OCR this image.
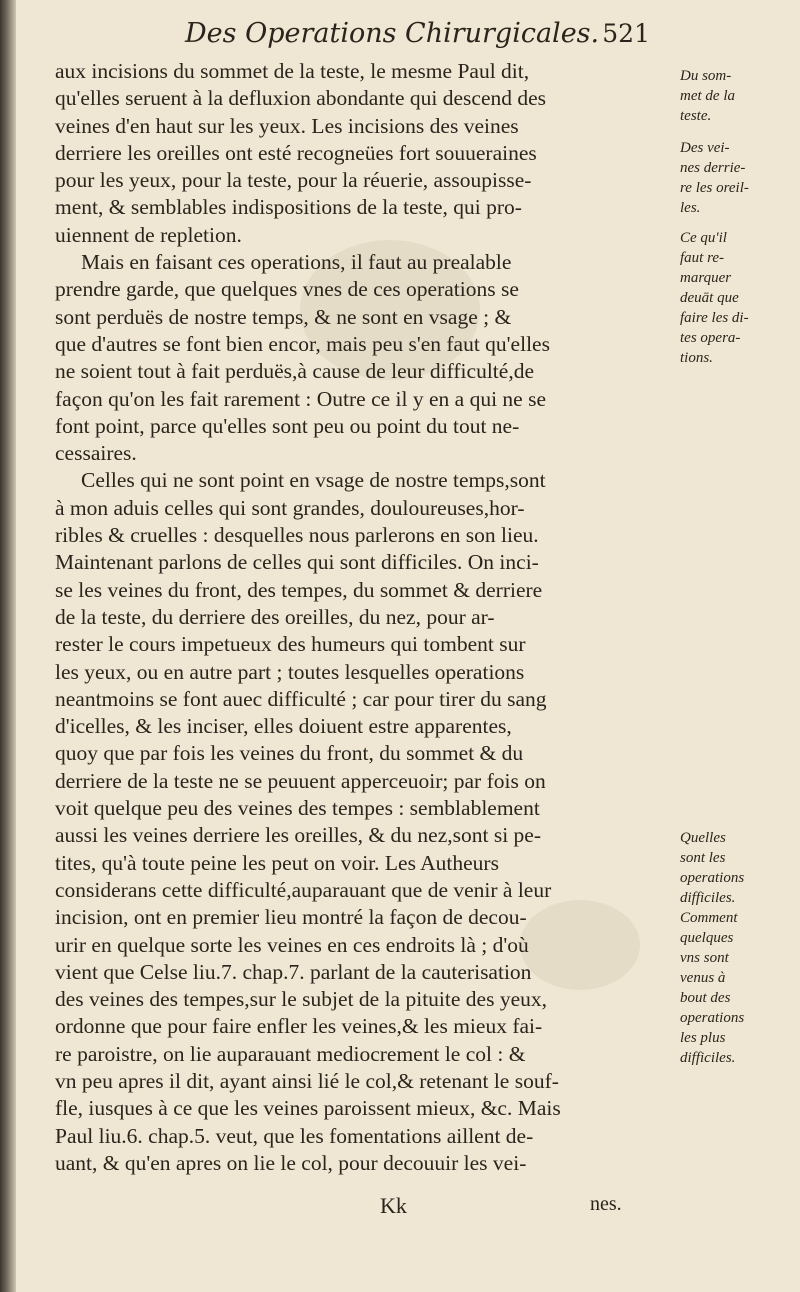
Des Operations Chirurgicales. 521
aux incisions du sommet de la teste, le mesme Paul dit,
qu'elles seruent à la defluxion abondante qui descend des
veines d'en haut sur les yeux. Les incisions des veines
derriere les oreilles ont esté recogneües fort souueraines
pour les yeux, pour la teste, pour la réuerie, assoupisse-
ment, & semblables indispositions de la teste, qui pro-
uiennent de repletion.
Mais en faisant ces operations, il faut au prealable
prendre garde, que quelques vnes de ces operations se
sont perduës de nostre temps, & ne sont en vsage ; &
que d'autres se font bien encor, mais peu s'en faut qu'elles
ne soient tout à fait perduës,à cause de leur difficulté,de
façon qu'on les fait rarement : Outre ce il y en a qui ne se
font point, parce qu'elles sont peu ou point du tout ne-
cessaires.
Celles qui ne sont point en vsage de nostre temps,sont
à mon aduis celles qui sont grandes, douloureuses,hor-
ribles & cruelles : desquelles nous parlerons en son lieu.
Maintenant parlons de celles qui sont difficiles. On inci-
se les veines du front, des tempes, du sommet & derriere
de la teste, du derriere des oreilles, du nez, pour ar-
rester le cours impetueux des humeurs qui tombent sur
les yeux, ou en autre part ; toutes lesquelles operations
neantmoins se font auec difficulté ; car pour tirer du sang
d'icelles, & les inciser, elles doiuent estre apparentes,
quoy que par fois les veines du front, du sommet & du
derriere de la teste ne se peuuent apperceuoir; par fois on
voit quelque peu des veines des tempes : semblablement
aussi les veines derriere les oreilles, & du nez,sont si pe-
tites, qu'à toute peine les peut on voir. Les Autheurs
considerans cette difficulté,auparauant que de venir à leur
incision, ont en premier lieu montré la façon de decou-
urir en quelque sorte les veines en ces endroits là ; d'où
vient que Celse liu.7. chap.7. parlant de la cauterisation
des veines des tempes,sur le subjet de la pituite des yeux,
ordonne que pour faire enfler les veines,& les mieux fai-
re paroistre, on lie auparauant mediocrement le col : &
vn peu apres il dit, ayant ainsi lié le col,& retenant le souf-
fle, iusques à ce que les veines paroissent mieux, &c. Mais
Paul liu.6. chap.5. veut, que les fomentations aillent de-
uant, & qu'en apres on lie le col, pour decouuir les vei-
Du som-
met de la
teste.
Des vei-
nes derrie-
re les oreil-
les.
Ce qu'il
faut re-
marquer
deuāt que
faire les di-
tes opera-
tions.
Quelles
sont les
operations
difficiles.
Comment
quelques
vns sont
venus à
bout des
operations
les plus
difficiles.
Kk	nes.
